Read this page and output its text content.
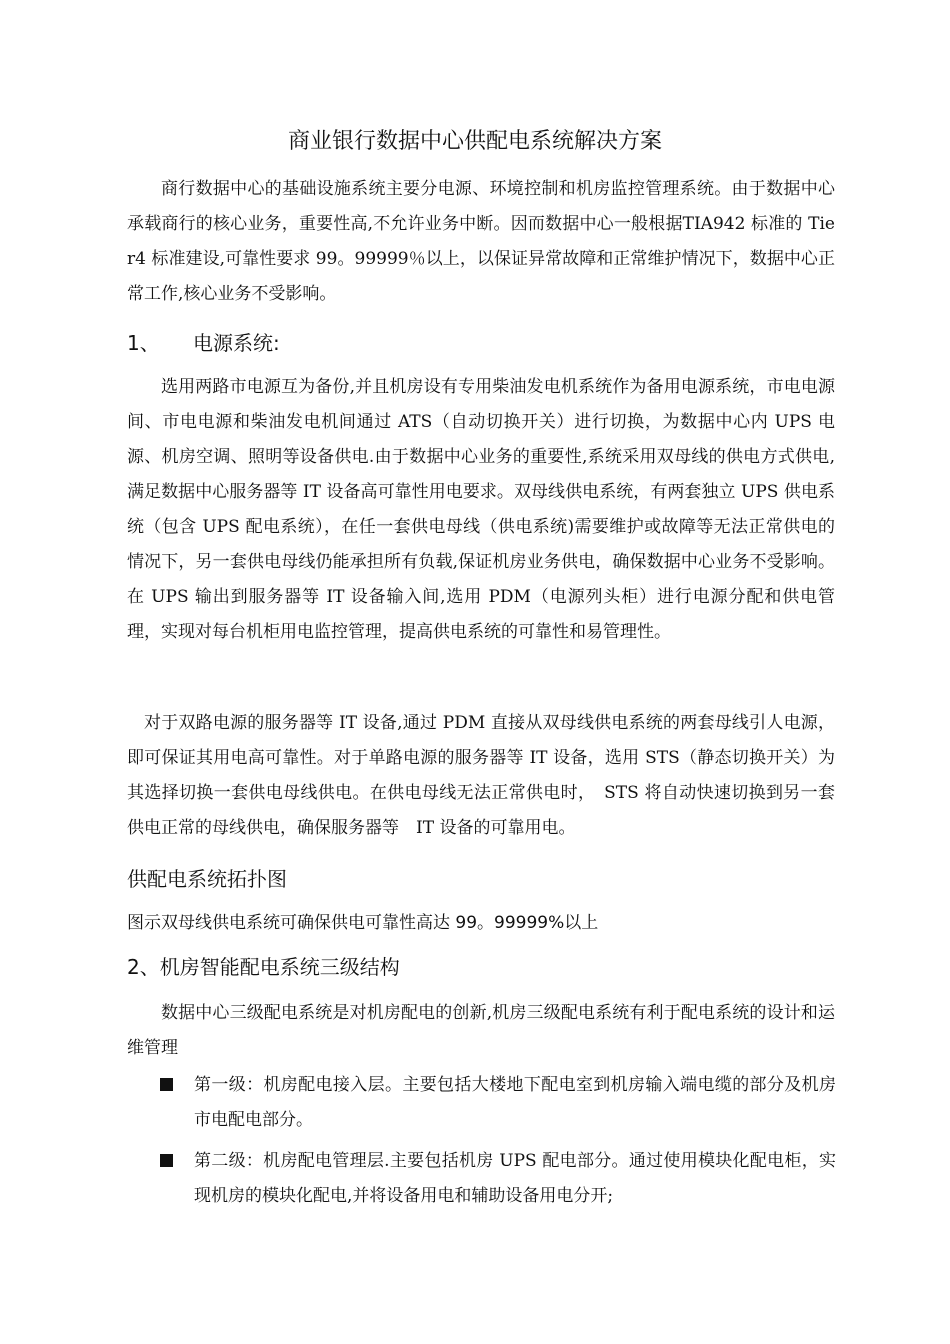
商业银行数据中心供配电系统解决方案

商行数据中心的基础设施系统主要分电源、环境控制和机房监控管理系统。由于数据中心承载商行的核心业务，重要性高,不允许业务中断。因而数据中心一般根据TIA942 标准的 Tier4 标准建设,可靠性要求 99。99999％以上，以保证异常故障和正常维护情况下，数据中心正常工作,核心业务不受影响。

1、 电源系统:

选用两路市电源互为备份,并且机房设有专用柴油发电机系统作为备用电源系统，市电电源间、市电电源和柴油发电机间通过 ATS（自动切换开关）进行切换，为数据中心内 UPS 电源、机房空调、照明等设备供电.由于数据中心业务的重要性,系统采用双母线的供电方式供电,满足数据中心服务器等 IT 设备高可靠性用电要求。双母线供电系统，有两套独立 UPS 供电系统（包含 UPS 配电系统），在任一套供电母线（供电系统)需要维护或故障等无法正常供电的情况下，另一套供电母线仍能承担所有负载,保证机房业务供电，确保数据中心业务不受影响。在 UPS 输出到服务器等 IT 设备输入间,选用 PDM（电源列头柜）进行电源分配和供电管理，实现对每台机柜用电监控管理，提高供电系统的可靠性和易管理性。

对于双路电源的服务器等 IT 设备,通过 PDM 直接从双母线供电系统的两套母线引人电源，即可保证其用电高可靠性。对于单路电源的服务器等 IT 设备，选用 STS（静态切换开关）为其选择切换一套供电母线供电。在供电母线无法正常供电时，　STS 将自动快速切换到另一套供电正常的母线供电，确保服务器等　IT 设备的可靠用电。

供配电系统拓扑图
图示双母线供电系统可确保供电可靠性高达 99。99999%以上
2、机房智能配电系统三级结构

数据中心三级配电系统是对机房配电的创新,机房三级配电系统有利于配电系统的设计和运维管理

第一级：机房配电接入层。主要包括大楼地下配电室到机房输入端电缆的部分及机房市电配电部分。
第二级：机房配电管理层.主要包括机房 UPS 配电部分。通过使用模块化配电柜，实现机房的模块化配电,并将设备用电和辅助设备用电分开;
